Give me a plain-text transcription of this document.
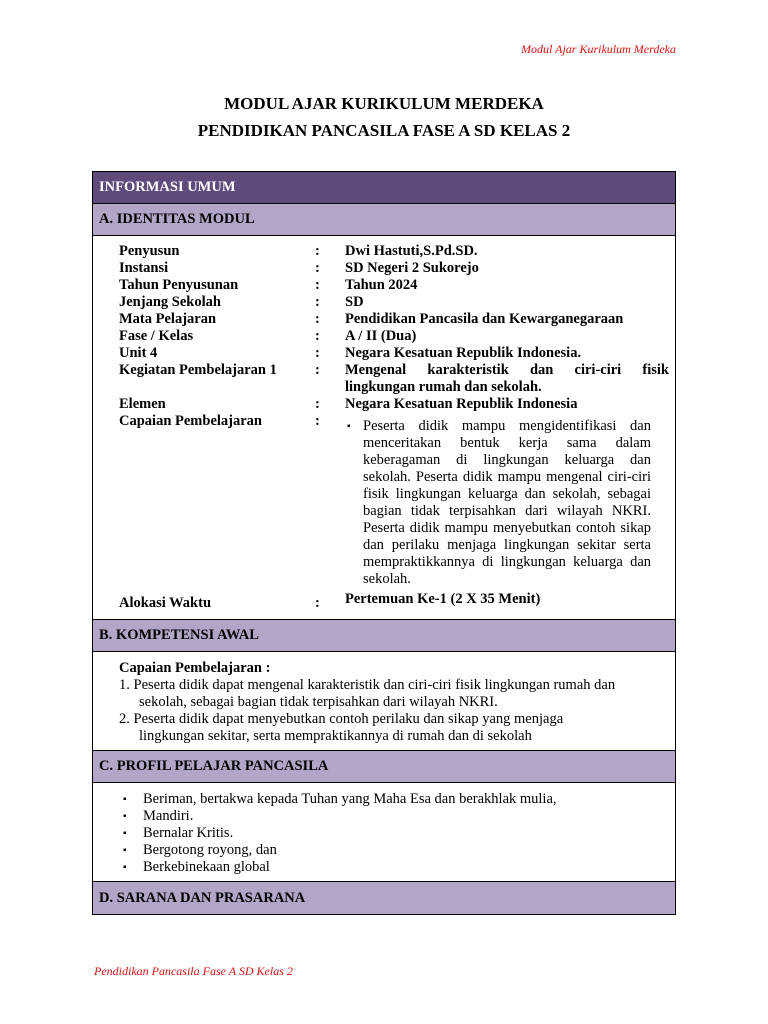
Modul Ajar Kurikulum Merdeka
MODUL AJAR KURIKULUM MERDEKA
PENDIDIKAN PANCASILA FASE A SD KELAS 2
INFORMASI UMUM
A. IDENTITAS MODUL
Penyusun	:	Dwi Hastuti,S.Pd.SD.
Instansi	:	SD Negeri 2 Sukorejo
Tahun Penyusunan	:	Tahun 2024
Jenjang Sekolah	:	SD
Mata Pelajaran	:	Pendidikan Pancasila dan Kewarganegaraan
Fase / Kelas	:	A / II (Dua)
Unit 4	:	Negara Kesatuan Republik Indonesia.
Kegiatan Pembelajaran 1	:	Mengenal karakteristik dan ciri-ciri fisik lingkungan rumah dan sekolah.
Elemen	:	Negara Kesatuan Republik Indonesia
Capaian Pembelajaran	:	▪ Peserta didik mampu mengidentifikasi dan menceritakan bentuk kerja sama dalam keberagaman di lingkungan keluarga dan sekolah. Peserta didik mampu mengenal ciri-ciri fisik lingkungan keluarga dan sekolah, sebagai bagian tidak terpisahkan dari wilayah NKRI. Peserta didik mampu menyebutkan contoh sikap dan perilaku menjaga lingkungan sekitar serta mempraktikkannya di lingkungan keluarga dan sekolah.
Alokasi Waktu	:	Pertemuan Ke-1 (2 X 35 Menit)
B. KOMPETENSI AWAL
Capaian Pembelajaran :
1. Peserta didik dapat mengenal karakteristik dan ciri-ciri fisik lingkungan rumah dan
sekolah, sebagai bagian tidak terpisahkan dari wilayah NKRI.
2. Peserta didik dapat menyebutkan contoh perilaku dan sikap yang menjaga
lingkungan sekitar, serta mempraktikannya di rumah dan di sekolah
C. PROFIL PELAJAR PANCASILA
▪	Beriman, bertakwa kepada Tuhan yang Maha Esa dan berakhlak mulia,
▪	Mandiri.
▪	Bernalar Kritis.
▪	Bergotong royong, dan
▪	Berkebinekaan global
D. SARANA DAN PRASARANA
Pendidikan Pancasila Fase A SD Kelas 2
